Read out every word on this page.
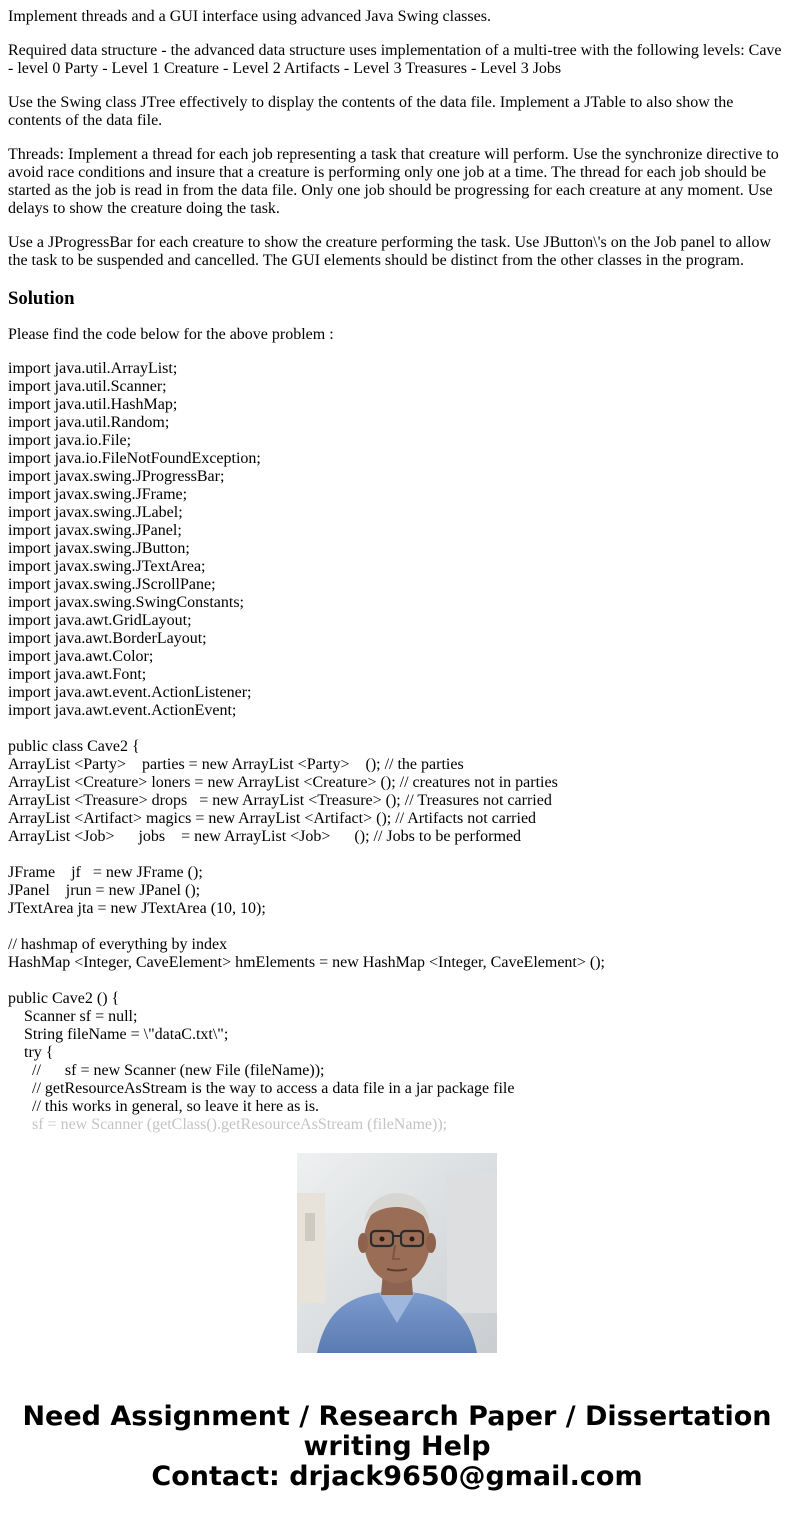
Implement threads and a GUI interface using advanced Java Swing classes.

Required data structure - the advanced data structure uses implementation of a multi-tree with the following levels: Cave - level 0 Party - Level 1 Creature - Level 2 Artifacts - Level 3 Treasures - Level 3 Jobs

Use the Swing class JTree effectively to display the contents of the data file. Implement a JTable to also show the contents of the data file.

Threads: Implement a thread for each job representing a task that creature will perform. Use the synchronize directive to avoid race conditions and insure that a creature is performing only one job at a time. The thread for each job should be started as the job is read in from the data file. Only one job should be progressing for each creature at any moment. Use delays to show the creature doing the task.

Use a JProgressBar for each creature to show the creature performing the task. Use JButton\'s on the Job panel to allow the task to be suspended and cancelled. The GUI elements should be distinct from the other classes in the program.

Solution

Please find the code below for the above problem :

import java.util.ArrayList;
import java.util.Scanner;
import java.util.HashMap;
import java.util.Random;
import java.io.File;
import java.io.FileNotFoundException;
import javax.swing.JProgressBar;
import javax.swing.JFrame;
import javax.swing.JLabel;
import javax.swing.JPanel;
import javax.swing.JButton;
import javax.swing.JTextArea;
import javax.swing.JScrollPane;
import javax.swing.SwingConstants;
import java.awt.GridLayout;
import java.awt.BorderLayout;
import java.awt.Color;
import java.awt.Font;
import java.awt.event.ActionListener;
import java.awt.event.ActionEvent;
public class Cave2 {
ArrayList <Party>    parties = new ArrayList <Party>    (); // the parties
ArrayList <Creature> loners = new ArrayList <Creature> (); // creatures not in parties
ArrayList <Treasure> drops   = new ArrayList <Treasure> (); // Treasures not carried
ArrayList <Artifact> magics = new ArrayList <Artifact> (); // Artifacts not carried
ArrayList <Job>      jobs    = new ArrayList <Job>      (); // Jobs to be performed
JFrame    jf   = new JFrame ();
JPanel    jrun = new JPanel ();
JTextArea jta = new JTextArea (10, 10);
// hashmap of everything by index
HashMap <Integer, CaveElement> hmElements = new HashMap <Integer, CaveElement> ();
public Cave2 () {
Scanner sf = null;
String fileName = \"dataC.txt\";
try {
//      sf = new Scanner (new File (fileName));
// getResourceAsStream is the way to access a data file in a jar package file
// this works in general, so leave it here as is.
sf = new Scanner (getClass().getResourceAsStream (fileName));
Need Assignment / Research Paper / Dissertation
writing Help
Contact: drjack9650@gmail.com
